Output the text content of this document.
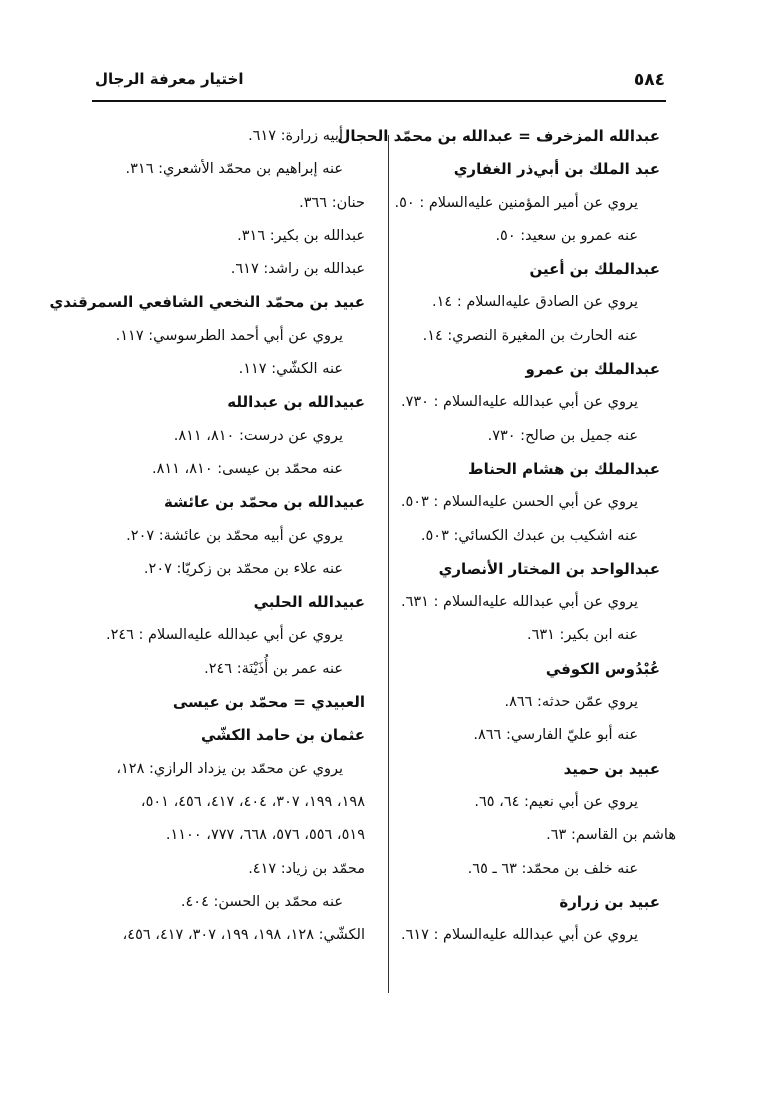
اختيار معرفة الرجال	٥٨٤
عبدالله المزخرف = عبدالله بن محمّد الحجال
عبد الملك بن أبي‌ذر الغفاري
يروي عن أمير المؤمنين عليه‌السلام : ٥٠.
عنه عمرو بن سعيد: ٥٠.
عبدالملك بن أعين
يروي عن الصادق عليه‌السلام : ١٤.
عنه الحارث بن المغيرة النصري: ١٤.
عبدالملك بن عمرو
يروي عن أبي عبدالله عليه‌السلام : ٧٣٠.
عنه جميل بن صالح: ٧٣٠.
عبدالملك بن هشام الحناط
يروي عن أبي الحسن عليه‌السلام : ٥٠٣.
عنه اشكيب بن عبدك الكسائي: ٥٠٣.
عبدالواحد بن المختار الأنصاري
يروي عن أبي عبدالله عليه‌السلام : ٦٣١.
عنه ابن بكير: ٦٣١.
عُبْدُوس الكوفي
يروي عمّن حدثه: ٨٦٦.
عنه أبو عليّ الفارسي: ٨٦٦.
عبيد بن حميد
يروي عن أبي نعيم: ٦٤، ٦٥.
هاشم بن القاسم: ٦٣.
عنه خلف بن محمّد: ٦٣ ـ ٦٥.
عبيد بن زرارة
يروي عن أبي عبدالله عليه‌السلام : ٦١٧.
أبيه زرارة: ٦١٧.
عنه إبراهيم بن محمّد الأشعري: ٣١٦.
حنان: ٣٦٦.
عبدالله بن بكير: ٣١٦.
عبدالله بن راشد: ٦١٧.
عبيد بن محمّد النخعي الشافعي السمرقندي
يروي عن أبي أحمد الطرسوسي: ١١٧.
عنه الكشّي: ١١٧.
عبيدالله بن عبدالله
يروي عن درست: ٨١٠، ٨١١.
عنه محمّد بن عيسى: ٨١٠، ٨١١.
عبيدالله بن محمّد بن عائشة
يروي عن أبيه محمّد بن عائشة: ٢٠٧.
عنه علاء بن محمّد بن زكريّا: ٢٠٧.
عبيدالله الحلبي
يروي عن أبي عبدالله عليه‌السلام : ٢٤٦.
عنه عمر بن أُذَيْنَة: ٢٤٦.
العبيدي = محمّد بن عيسى
عثمان بن حامد الكشّي
يروي عن محمّد بن يزداد الرازي: ١٢٨،
١٩٨، ١٩٩، ٣٠٧، ٤٠٤، ٤١٧، ٤٥٦، ٥٠١،
٥١٩، ٥٥٦، ٥٧٦، ٦٦٨، ٧٧٧، ١١٠٠.
محمّد بن زياد: ٤١٧.
عنه محمّد بن الحسن: ٤٠٤.
الكشّي: ١٢٨، ١٩٨، ١٩٩، ٣٠٧، ٤١٧، ٤٥٦،
